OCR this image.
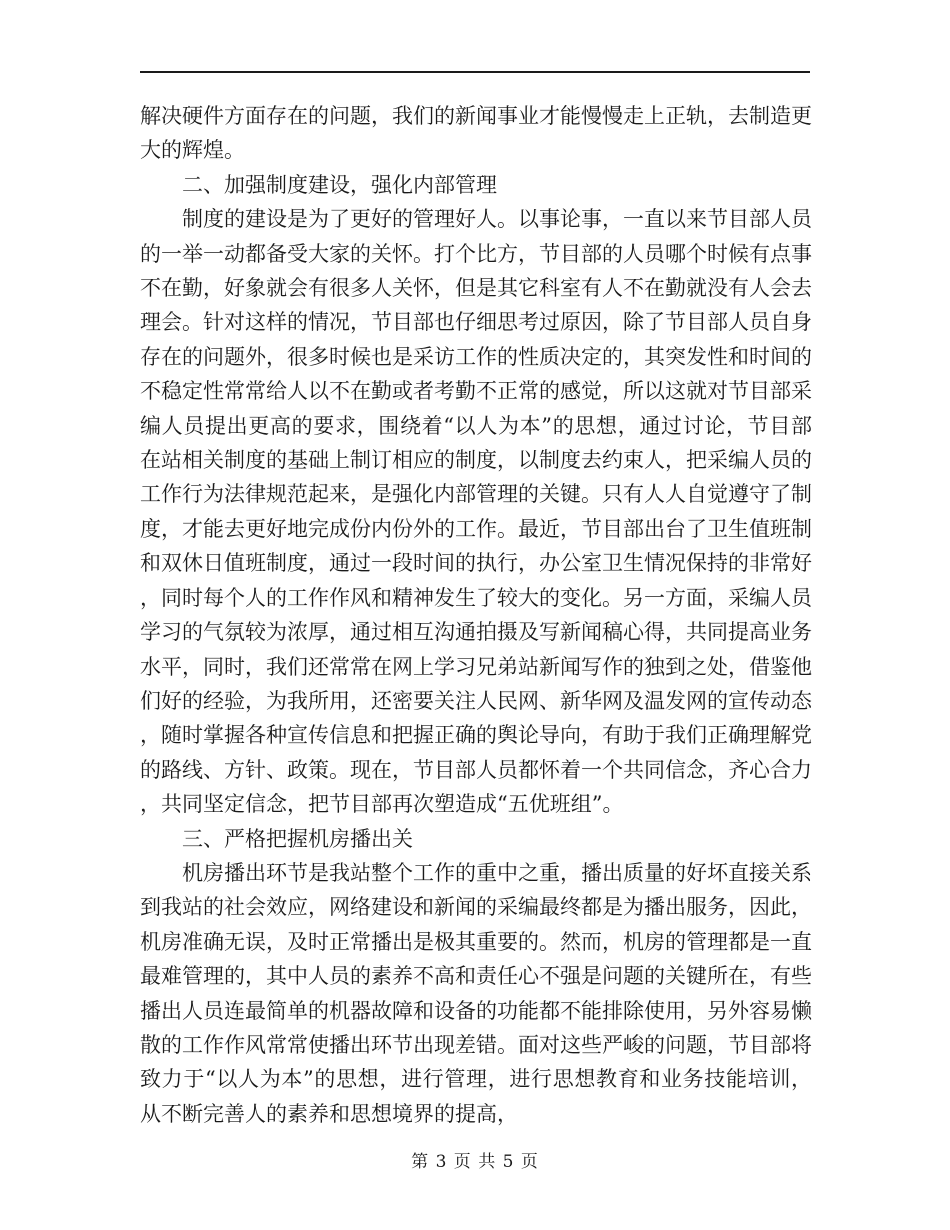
解决硬件方面存在的问题，我们的新闻事业才能慢慢走上正轨，去制造更大的辉煌。

二、加强制度建设，强化内部管理

制度的建设是为了更好的管理好人。以事论事，一直以来节目部人员的一举一动都备受大家的关怀。打个比方，节目部的人员哪个时候有点事不在勤，好象就会有很多人关怀，但是其它科室有人不在勤就没有人会去理会。针对这样的情况，节目部也仔细思考过原因，除了节目部人员自身存在的问题外，很多时候也是采访工作的性质决定的，其突发性和时间的不稳定性常常给人以不在勤或者考勤不正常的感觉，所以这就对节目部采编人员提出更高的要求，围绕着“以人为本”的思想，通过讨论，节目部在站相关制度的基础上制订相应的制度，以制度去约束人，把采编人员的工作行为法律规范起来，是强化内部管理的关键。只有人人自觉遵守了制度，才能去更好地完成份内份外的工作。最近，节目部出台了卫生值班制和双休日值班制度，通过一段时间的执行，办公室卫生情况保持的非常好，同时每个人的工作作风和精神发生了较大的变化。另一方面，采编人员学习的气氛较为浓厚，通过相互沟通拍摄及写新闻稿心得，共同提高业务水平，同时，我们还常常在网上学习兄弟站新闻写作的独到之处，借鉴他们好的经验，为我所用，还密要关注人民网、新华网及温发网的宣传动态，随时掌握各种宣传信息和把握正确的舆论导向，有助于我们正确理解党的路线、方针、政策。现在，节目部人员都怀着一个共同信念，齐心合力，共同坚定信念，把节目部再次塑造成“五优班组”。

三、严格把握机房播出关

机房播出环节是我站整个工作的重中之重，播出质量的好坏直接关系到我站的社会效应，网络建设和新闻的采编最终都是为播出服务，因此，机房准确无误，及时正常播出是极其重要的。然而，机房的管理都是一直最难管理的，其中人员的素养不高和责任心不强是问题的关键所在，有些播出人员连最简单的机器故障和设备的功能都不能排除使用，另外容易懒散的工作作风常常使播出环节出现差错。面对这些严峻的问题，节目部将致力于“以人为本”的思想，进行管理，进行思想教育和业务技能培训，从不断完善人的素养和思想境界的提高，

第 3 页 共 5 页
